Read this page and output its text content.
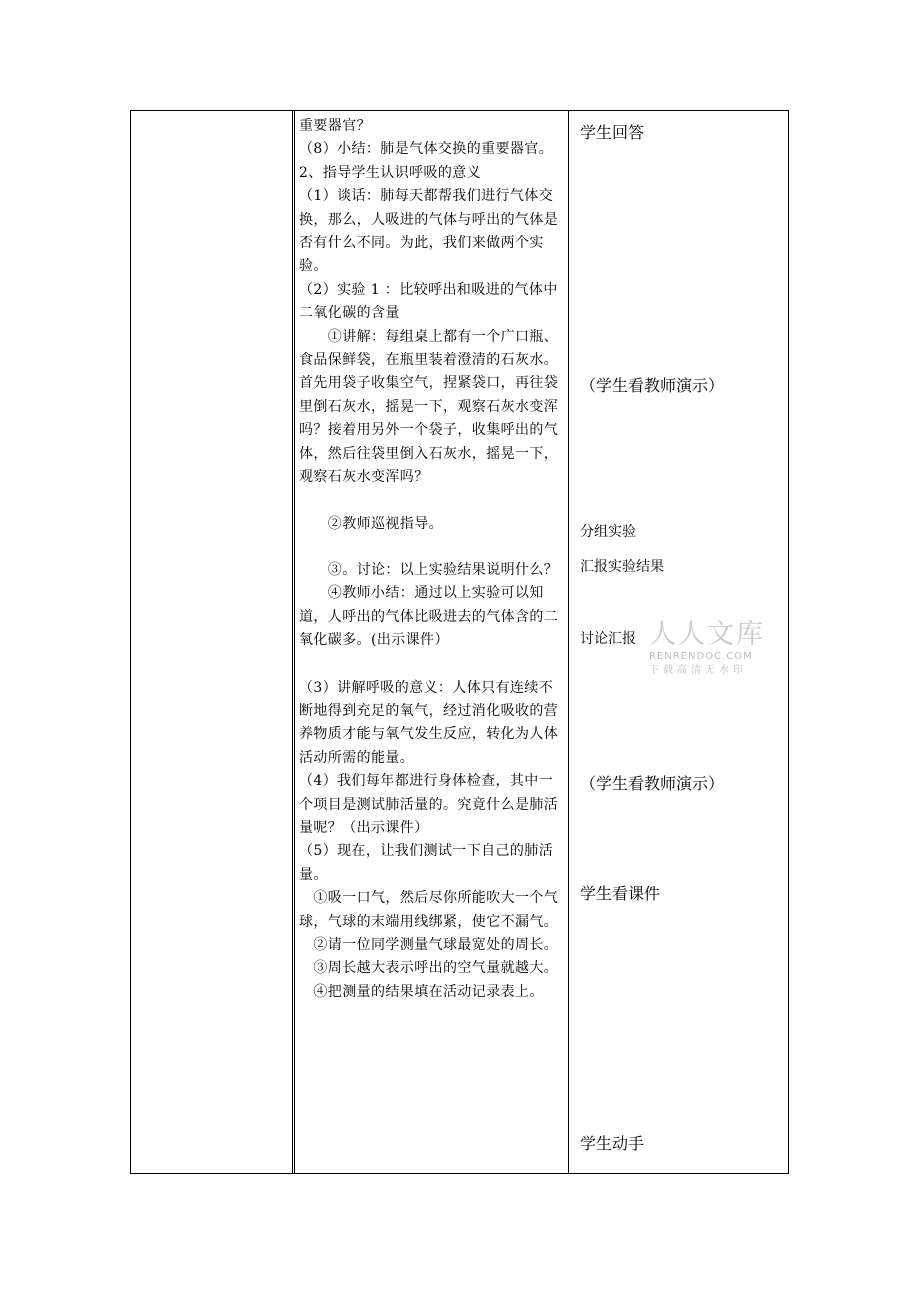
重要器官？

（8）小结：肺是气体交换的重要器官。

2、指导学生认识呼吸的意义

（1）谈话：肺每天都帮我们进行气体交换，那么，人吸进的气体与呼出的气体是否有什么不同。为此，我们来做两个实验。

（2）实验 1 ：比较呼出和吸进的气体中二氧化碳的含量

　　①讲解：每组桌上都有一个广口瓶、食品保鲜袋，在瓶里装着澄清的石灰水。首先用袋子收集空气，捏紧袋口，再往袋里倒石灰水，摇晃一下，观察石灰水变浑吗？接着用另外一个袋子，收集呼出的气体，然后往袋里倒入石灰水，摇晃一下，观察石灰水变浑吗？

　　②教师巡视指导。

　　③。讨论：以上实验结果说明什么？

　　④教师小结：通过以上实验可以知道，人呼出的气体比吸进去的气体含的二氧化碳多。(出示课件）

（3）讲解呼吸的意义：人体只有连续不断地得到充足的氧气，经过消化吸收的营养物质才能与氧气发生反应，转化为人体活动所需的能量。

（4）我们每年都进行身体检查，其中一个项目是测试肺活量的。究竟什么是肺活量呢？（出示课件）

（5）现在，让我们测试一下自己的肺活量。

　①吸一口气，然后尽你所能吹大一个气球，气球的末端用线绑紧，使它不漏气。

　②请一位同学测量气球最宽处的周长。

　③周长越大表示呼出的空气量就越大。

　④把测量的结果填在活动记录表上。

学生回答
（学生看教师演示）
分组实验
汇报实验结果
讨论汇报
（学生看教师演示）
学生看课件
学生动手
人人文库
RENRENDOC.COM
下载高清无水印
